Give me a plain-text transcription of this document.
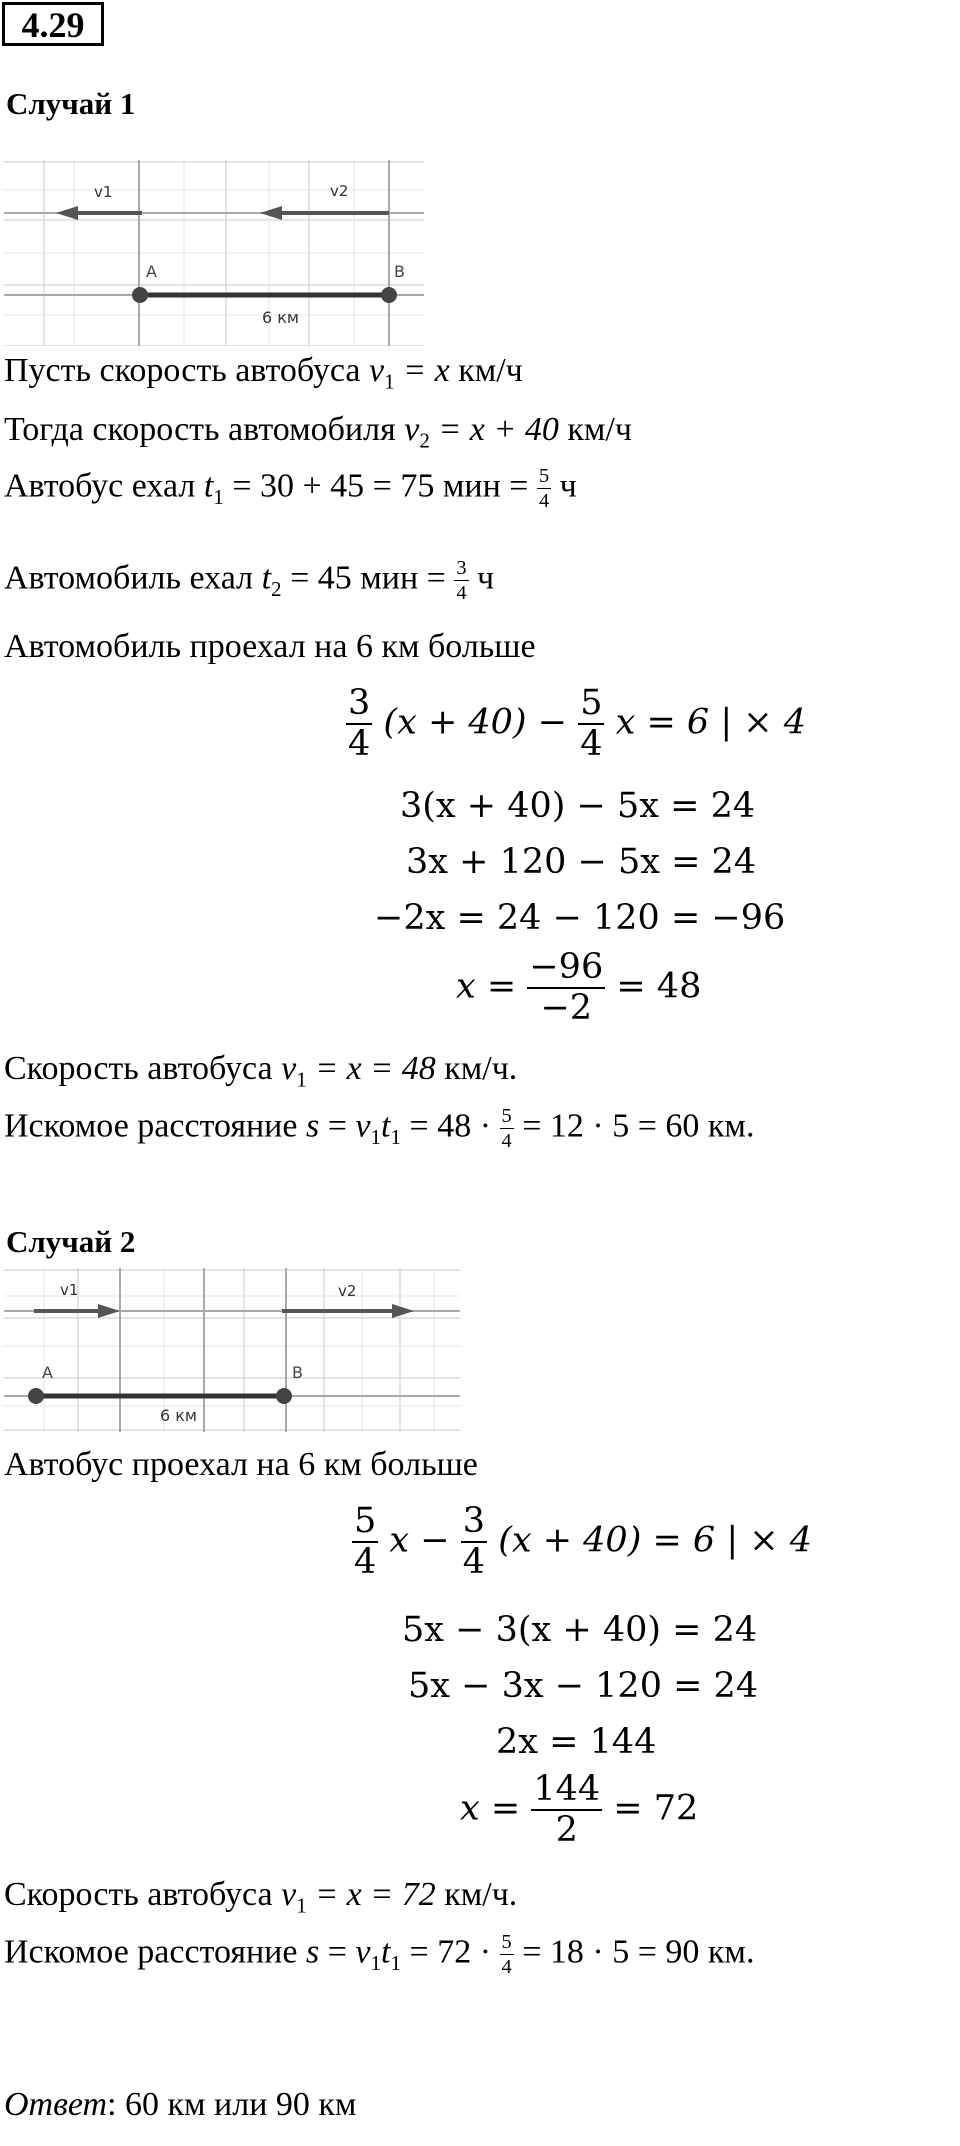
4.29
Случай 1
v1	v2
A	B
6 км
Пусть скорость автобуса $v_1 = x$ км/ч
Тогда скорость автомобиля $v_2 = x + 40$ км/ч
Автобус ехал $t_1 = 30 + 45 = 75$ мин = $\frac{5}{4}$ ч
Автомобиль ехал $t_2 = 45$ мин = $\frac{3}{4}$ ч
Автомобиль проехал на 6 км больше
$\frac{3}{4} (x + 40) - \frac{5}{4}$ x = 6 | × 4
3(x + 40) − 5x = 24
3x + 120 − 5x = 24
−2x = 24 − 120 = −96
$x = \frac{-96}{-2} = 48$
Скорость автобуса $v_1 = x = 48$ км/ч.
Искомое расстояние $s = v_1t_1 = 48 \cdot \frac{5}{4} = 12 \cdot 5 = 60$ км.
Случай 2
v1	v2
A	B
6 км
Автобус проехал на 6 км больше
$\frac{5}{4}$ $x - \frac{3}{4} (x + 40) = 6$ | × 4
5x − 3(x + 40) = 24
5x − 3x − 120 = 24
2x = 144
$x = \frac{144}{2} = 72$
Скорость автобуса $v_1 = x = 72$ км/ч.
Искомое расстояние $s = v_1t_1 = 72 \cdot \frac{5}{4} = 18 \cdot 5 = 90$ км.
Ответ: 60 км или 90 км
